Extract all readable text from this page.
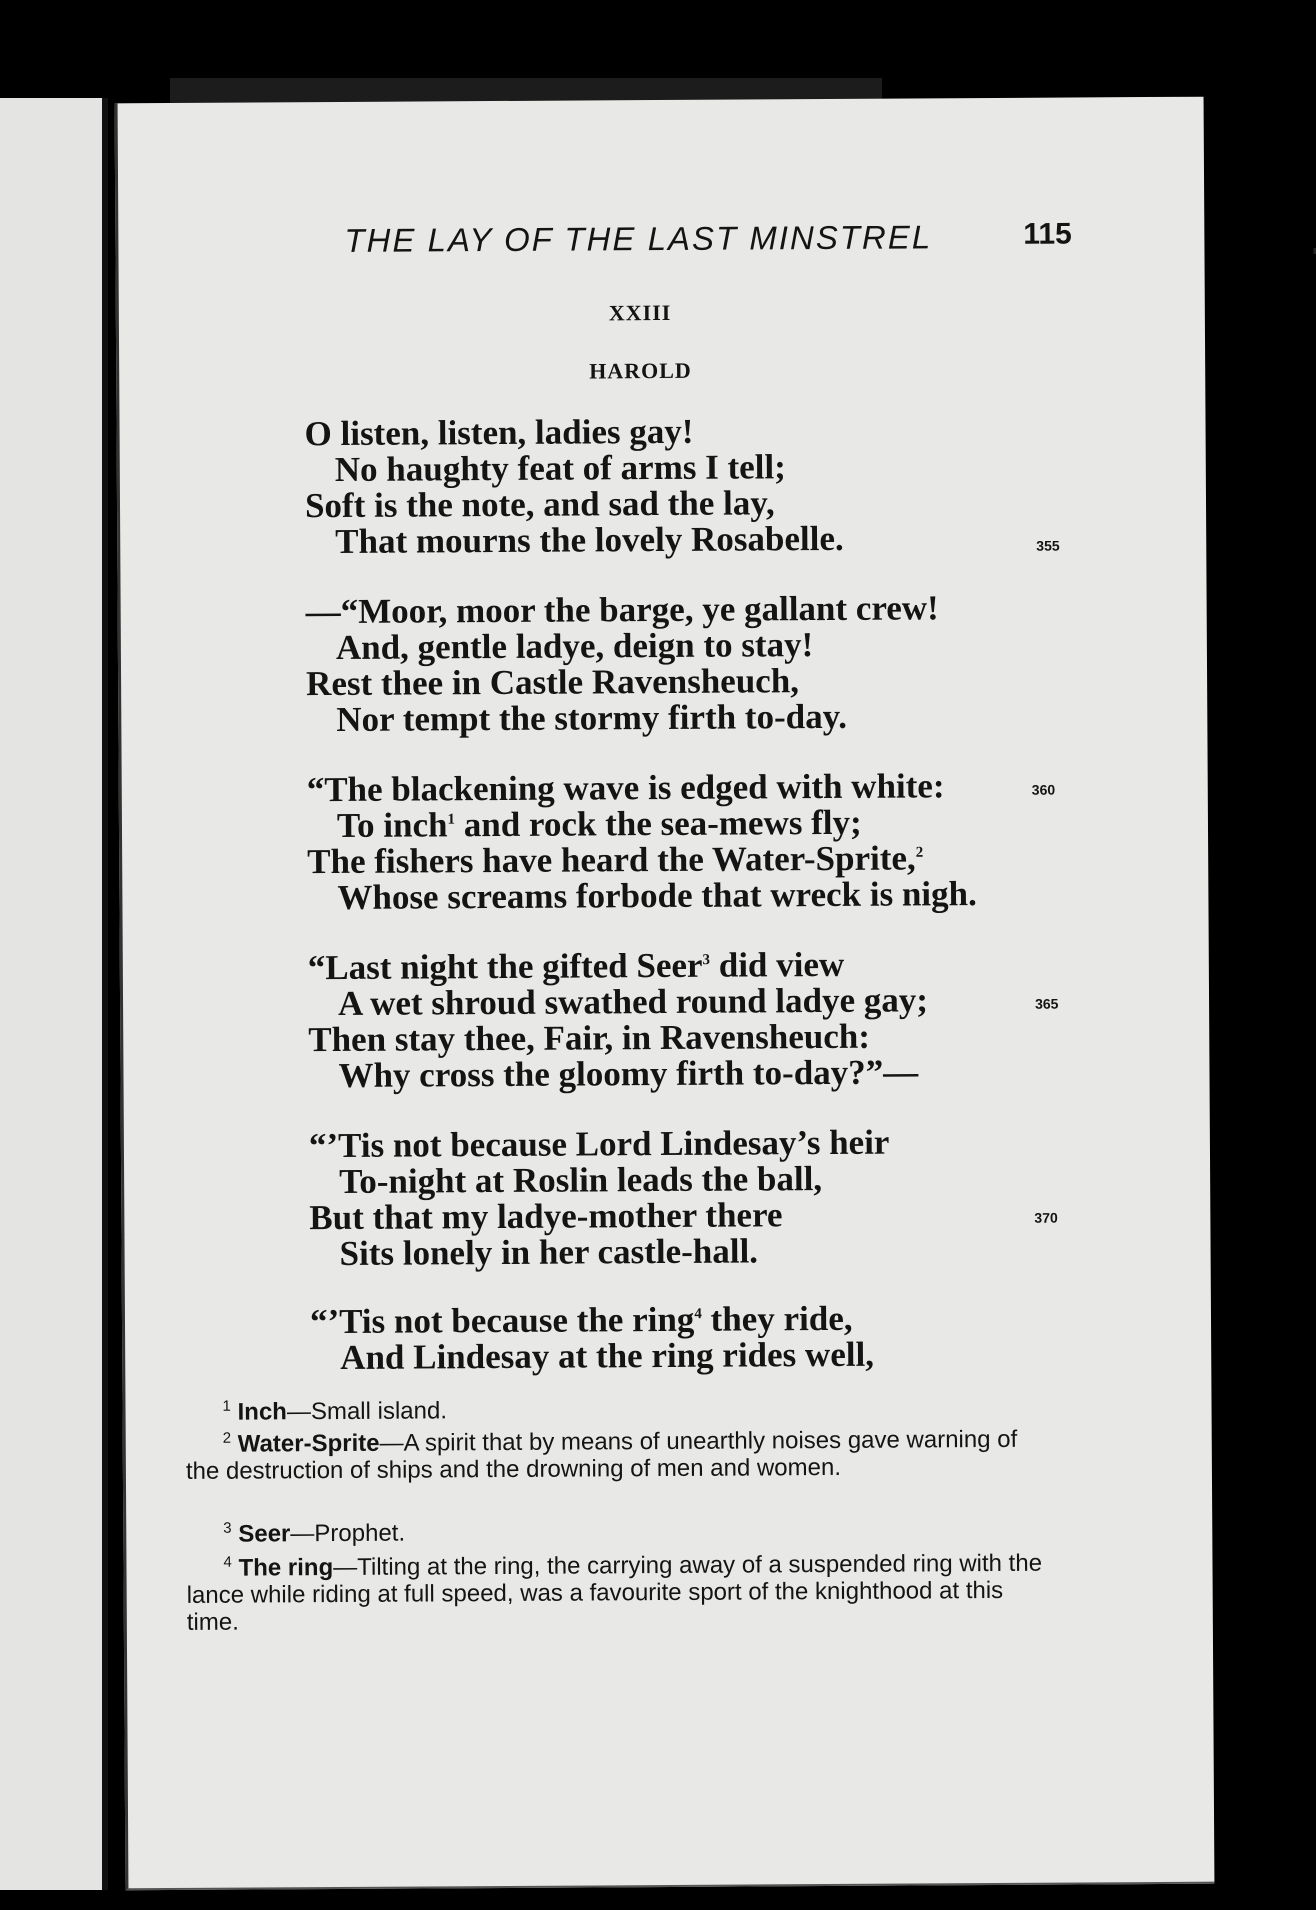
THE LAY OF THE LAST MINSTREL	115
XXIII
HAROLD
O listen, listen, ladies gay!
No haughty feat of arms I tell;
Soft is the note, and sad the lay,
That mourns the lovely Rosabelle.	355
—“Moor, moor the barge, ye gallant crew!
And, gentle ladye, deign to stay!
Rest thee in Castle Ravensheuch,
Nor tempt the stormy firth to-day.
“The blackening wave is edged with white:	360
To inch$^1$ and rock the sea-mews fly;
The fishers have heard the Water-Sprite,$^2$
Whose screams forbode that wreck is nigh.
“Last night the gifted Seer$^3$ did view
A wet shroud swathed round ladye gay;	365
Then stay thee, Fair, in Ravensheuch:
Why cross the gloomy firth to-day?”—
“’Tis not because Lord Lindesay’s heir
To-night at Roslin leads the ball,
But that my ladye-mother there	370
Sits lonely in her castle-hall.
“’Tis not because the ring$^4$ they ride,
And Lindesay at the ring rides well,
$^1$ Inch—Small island.
$^2$ Water-Sprite—A spirit that by means of unearthly noises gave warning of the destruction of ships and the drowning of men and women.
$^3$ Seer—Prophet.
$^4$ The ring—Tilting at the ring, the carrying away of a suspended ring with the lance while riding at full speed, was a favourite sport of the knighthood at this time.
